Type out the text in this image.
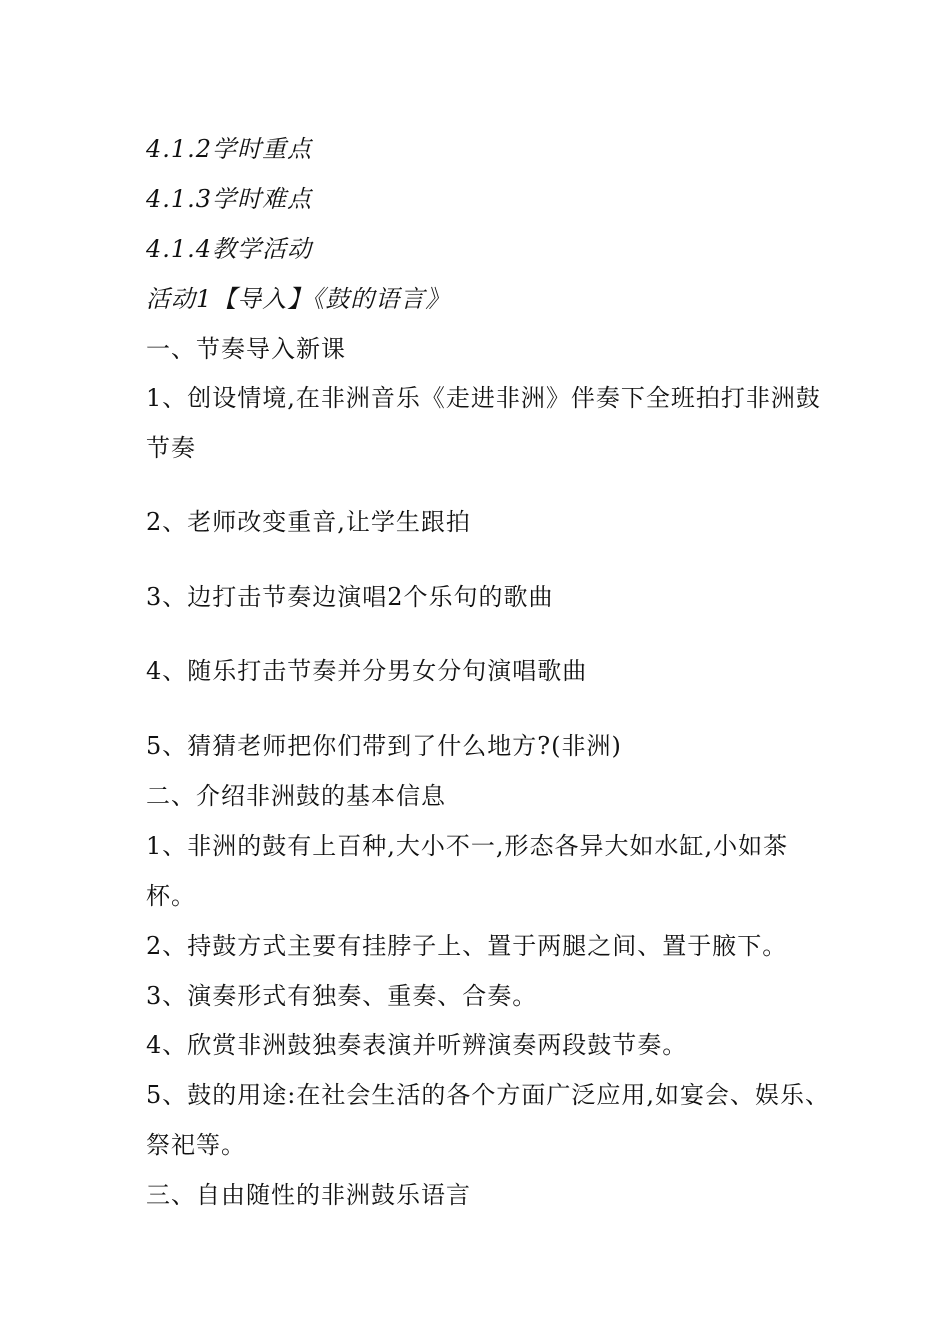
4.1.2学时重点
4.1.3学时难点
4.1.4教学活动
活动1【导入】《鼓的语言》
一、节奏导入新课
1、创设情境,在非洲音乐《走进非洲》伴奏下全班拍打非洲鼓
节奏
2、老师改变重音,让学生跟拍
3、边打击节奏边演唱2个乐句的歌曲
4、随乐打击节奏并分男女分句演唱歌曲
5、猜猜老师把你们带到了什么地方?(非洲)
二、介绍非洲鼓的基本信息
1、非洲的鼓有上百种,大小不一,形态各异大如水缸,小如茶
杯。
2、持鼓方式主要有挂脖子上、置于两腿之间、置于腋下。
3、演奏形式有独奏、重奏、合奏。
4、欣赏非洲鼓独奏表演并听辨演奏两段鼓节奏。
5、鼓的用途:在社会生活的各个方面广泛应用,如宴会、娱乐、
祭祀等。
三、自由随性的非洲鼓乐语言
